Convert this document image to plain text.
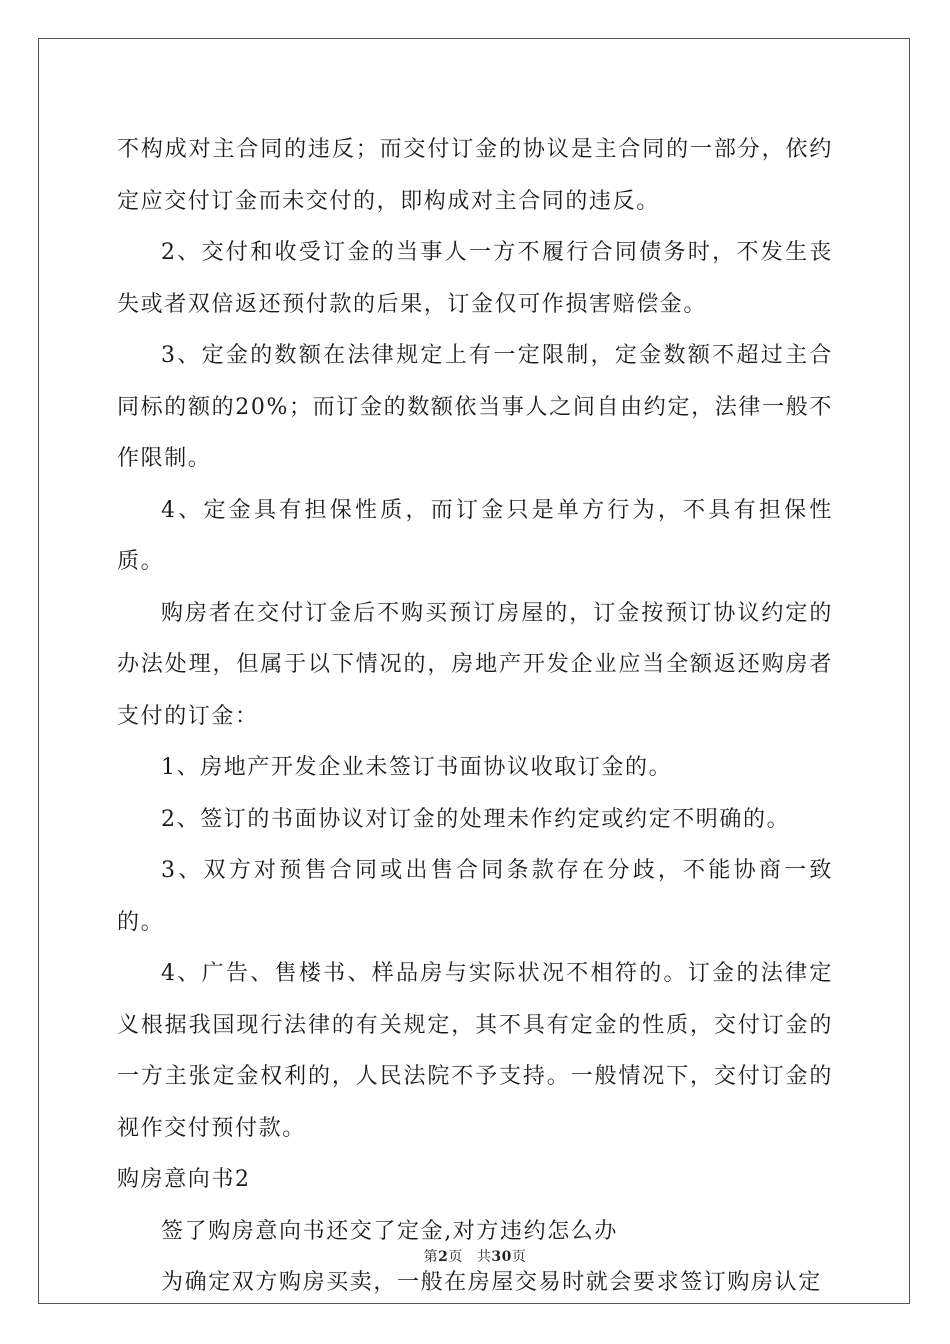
不构成对主合同的违反；而交付订金的协议是主合同的一部分，依约定应交付订金而未交付的，即构成对主合同的违反。

2、交付和收受订金的当事人一方不履行合同债务时，不发生丧失或者双倍返还预付款的后果，订金仅可作损害赔偿金。

3、定金的数额在法律规定上有一定限制，定金数额不超过主合同标的额的20%；而订金的数额依当事人之间自由约定，法律一般不作限制。

4、定金具有担保性质，而订金只是单方行为，不具有担保性质。

购房者在交付订金后不购买预订房屋的，订金按预订协议约定的办法处理，但属于以下情况的，房地产开发企业应当全额返还购房者支付的订金：

1、房地产开发企业未签订书面协议收取订金的。

2、签订的书面协议对订金的处理未作约定或约定不明确的。

3、双方对预售合同或出售合同条款存在分歧，不能协商一致的。

4、广告、售楼书、样品房与实际状况不相符的。订金的法律定义根据我国现行法律的有关规定，其不具有定金的性质，交付订金的一方主张定金权利的，人民法院不予支持。一般情况下，交付订金的视作交付预付款。

购房意向书2

签了购房意向书还交了定金,对方违约怎么办

为确定双方购房买卖，一般在房屋交易时就会要求签订购房认定

第2页 共30页
